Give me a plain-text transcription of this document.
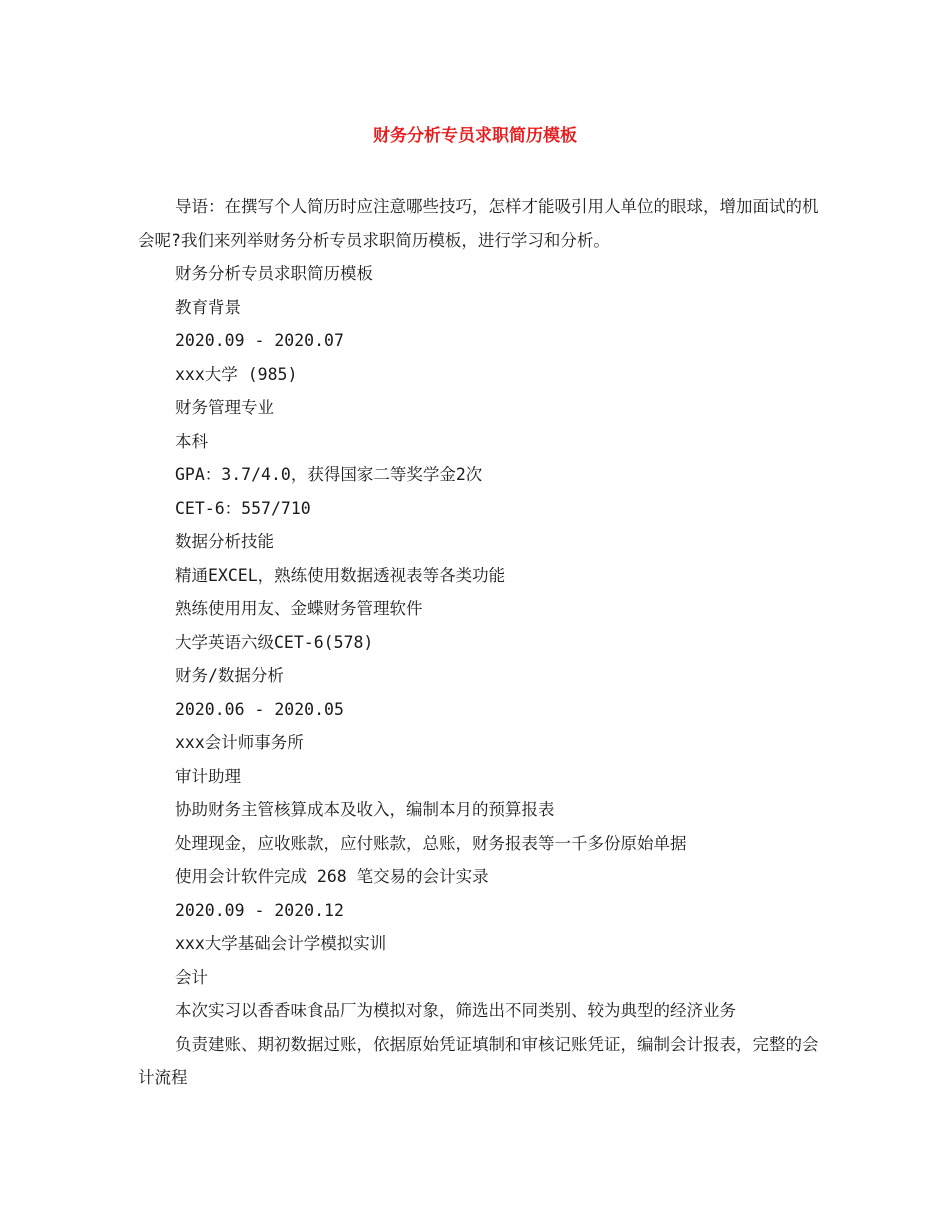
财务分析专员求职简历模板

导语：在撰写个人简历时应注意哪些技巧，怎样才能吸引用人单位的眼球，增加面试的机会呢?我们来列举财务分析专员求职简历模板，进行学习和分析。

财务分析专员求职简历模板

教育背景

2020.09 - 2020.07

xxx大学 (985)

财务管理专业

本科

GPA：3.7/4.0，获得国家二等奖学金2次

CET-6：557/710

数据分析技能

精通EXCEL，熟练使用数据透视表等各类功能

熟练使用用友、金蝶财务管理软件

大学英语六级CET-6(578)

财务/数据分析

2020.06 - 2020.05

xxx会计师事务所

审计助理

协助财务主管核算成本及收入，编制本月的预算报表

处理现金，应收账款，应付账款，总账，财务报表等一千多份原始单据

使用会计软件完成 268 笔交易的会计实录

2020.09 - 2020.12

xxx大学基础会计学模拟实训

会计

本次实习以香香味食品厂为模拟对象，筛选出不同类别、较为典型的经济业务

负责建账、期初数据过账，依据原始凭证填制和审核记账凭证，编制会计报表，完整的会计流程
